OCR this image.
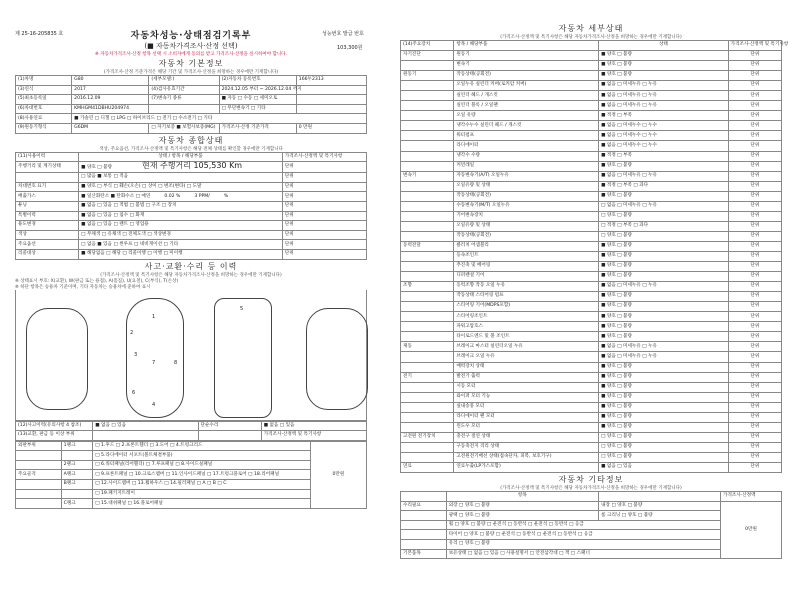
제 25-16-205835 호	성능번호 발급 번호
103,300원
자동차성능·상태점검기록부
(■ 자동차가격조사·산정 선택)
※ 자동차가격조사·산정 항목 선택 시 소비자에게 동의를 받고 가격조사·산정을 실시하여야 합니다.
자동차 기본정보
(가격조사·산정 기준가격은 해당 기간 및 가격조사·산정을 희망하는 경우에만 기재합니다)
(1)차명	G80	(세부모델:)	(2)자동차 등록번호	166두2313
(3)연식	2017	(4)검사유효기간	2024.12.05 부터 ~ 2026.12.04 까지	
(5)최초등록일	2016.12.09	(7)변속기 종류	■ 자동 □ 수동 □ 세미오토	
(6)차대번호	KMHGM41DBHU204974		□ 무단변속기 □ 기타	
(8)사용연료	■ 가솔린 □ 디젤 □ LPG □ 하이브리드 □ 전기 □ 수소전기 □ 기타			
(9)원동기형식	G6DM	□ 자기보증 ■ 보험사보증(MG)	가격조사·산정 기준가격	0 만원
자동차 종합상태
색상, 주요옵션, 가격조사·산정액 및 특기사항은 해당 전체 상태를 확인할 경우에만 기재합니다
(11)사용이력	상태 / 항목 / 해당부품	가격조사·산정액 및 특기사항
주행거리 및 계기상태	■ 양호 □ 불량 현재 주행거리 105,530 Km	단위
	□ 많음 ■ 보통 □ 적음	단위
차대번호 표기	■ 양호 □ 부식 □ 훼손(오손) □ 상이 □ 변조(변타) □ 도말	단위
배출가스	■ 일산화탄소 ■ 탄화수소 □ 매연 0.02 % 3 PPM/ %	단위
튜닝	■ 없음 □ 있음 □ 적법 □ 불법 □ 구조 □ 장치	단위
특별이력	■ 없음 □ 있음 □ 침수 □ 화재	단위
용도변경	■ 없음 □ 있음 □ 렌트 □ 영업용	단위
색상	□ 무채색 □ 유채색 □ 전체도색 □ 색상변경	단위
주요옵션	□ 없음 ■ 있음 □ 썬루프 □ 네비게이션 □ 기타	단위
리콜대상	■ 해당없음 □ 해당 □ 리콜이행 □ 이행 □ 미이행	단위
사고·교환·수리 등 이력
(가격조사·산정액 및 특기사항은 해당 자동차가격조사·산정을 희망하는 경우에만 기재합니다)
※ 상태표시 부호: X(교환), W(판금 또는 용접), A(흠집), U(요철), C(부식), T(손상)
※ 하단 항목은 승용차 기준이며, 기타 자동차는 승용차에 준하여 표시
1
2
3
4
5
6
7	8
(12)사고이력(유의사항 4 참조)	■ 없음 □ 있음	단순수리	■ 없음 □ 있음
(13)교환, 판금 등 이상 부위			가격조사·산정액 및 특기사항
외판부위	1랭크	□ 1.후드 □ 2.프론트휀더 □ 3.도어 □ 4.트렁크리드	0만원
		□ 5.라디에이터 서포트(볼트체결부품)	
	2랭크	□ 6.쿼터패널(리어휀더) □ 7.루프패널 □ 8.사이드실패널	
주요골격	A랭크	□ 9.프론트패널 □ 10.크로스멤버 □ 11.인사이드패널 □ 17.트렁크플로어 □ 18.리어패널	
	B랭크	□ 12.사이드멤버 □ 13.휠하우스 □ 14.필러패널 □ A □ B □ C	
		□ 19.패키지트레이	
	C랭크	□ 15.대쉬패널 □ 16.플로어패널	
자동차 세부상태
(가격조사·산정액 및 특기사항은 해당 자동차가격조사·산정을 희망하는 경우에만 기재합니다)
(14)주요장치	항목 / 해당부품	상태	가격조사·산정액 및 특기사항
자기진단	원동기	■ 양호 □ 불량	단위
	변속기	■ 양호 □ 불량	단위
원동기	작동상태(공회전)	■ 양호 □ 불량	단위
	오일누유 실린더 커버(로커암 커버)	■ 없음 □ 미세누유 □ 누유	단위
	실린더 헤드 / 개스킷	■ 없음 □ 미세누유 □ 누유	단위
	실린더 블록 / 오일팬	■ 없음 □ 미세누유 □ 누유	단위
	오일 유량	■ 적정 □ 부족	단위
	냉각수누수 실린더 헤드 / 개스킷	■ 없음 □ 미세누수 □ 누수	단위
	워터펌프	■ 없음 □ 미세누수 □ 누수	단위
	라디에이터	■ 없음 □ 미세누수 □ 누수	단위
	냉각수 수량	■ 적정 □ 부족	단위
	커먼레일	■ 양호 □ 불량	단위
변속기	자동변속기(A/T) 오일누유	■ 없음 □ 미세누유 □ 누유	단위
	오일유량 및 상태	■ 적정 □ 부족 □ 과다	단위
	작동상태(공회전)	■ 양호 □ 불량	단위
	수동변속기(M/T) 오일누유	□ 없음 □ 미세누유 □ 누유	단위
	기어변속장치	□ 양호 □ 불량	단위
	오일유량 및 상태	□ 적정 □ 부족 □ 과다	단위
	작동상태(공회전)	□ 양호 □ 불량	단위
동력전달	클러치 어셈블리	■ 양호 □ 불량	단위
	등속조인트	■ 양호 □ 불량	단위
	추진축 및 베어링	■ 양호 □ 불량	단위
	디퍼렌셜 기어	■ 양호 □ 불량	단위
조향	동력조향 작동 오일 누유	■ 없음 □ 미세누유 □ 누유	단위
	작동상태 스티어링 펌프	■ 양호 □ 불량	단위
	스티어링 기어(MDPS포함)	■ 양호 □ 불량	단위
	스티어링조인트	■ 양호 □ 불량	단위
	파워고압호스	■ 양호 □ 불량	단위
	타이로드엔드 및 볼 조인트	■ 양호 □ 불량	단위
제동	브레이크 마스터 실린더오일 누유	■ 없음 □ 미세누유 □ 누유	단위
	브레이크 오일 누유	■ 없음 □ 미세누유 □ 누유	단위
	배력장치 상태	■ 양호 □ 불량	단위
전기	발전기 출력	■ 양호 □ 불량	단위
	시동 모터	■ 양호 □ 불량	단위
	와이퍼 모터 기능	■ 양호 □ 불량	단위
	실내송풍 모터	■ 양호 □ 불량	단위
	라디에이터 팬 모터	■ 양호 □ 불량	단위
	윈도우 모터	■ 양호 □ 불량	단위
고전원 전기장치	충전구 절연 상태	□ 양호 □ 불량	단위
	구동축전지 격리 상태	□ 양호 □ 불량	단위
	고전원전기배선 상태(접속단자, 피복, 보호기구)	□ 양호 □ 불량	단위
연료	연료누출(LP가스포함)	■ 없음 □ 있음	단위
자동차 기타정보
(가격조사·산정액 및 특기사항은 해당 자동차가격조사·산정을 희망하는 경우에만 기재합니다)
	항목		가격조사·산정액
수리필요	외장 □ 양호 □ 불량	내장 □ 양호 □ 불량	0만원
	광택 □ 양호 □ 불량	룸 크리닝 □ 양호 □ 불량	
	휠 □ 양호 □ 불량 □ 운전석 □ 동반석 □ 운전석 □ 동반석 □ 응급		
	타이어 □ 양호 □ 불량 □ 운전석 □ 동반석 □ 운전석 □ 동반석 □ 응급		
	유리 □ 양호 □ 불량		
기본품목	보유상태 □ 없음 □ 있음 □ 사용설명서 □ 안전삼각대 □ 잭 □ 스패너		
